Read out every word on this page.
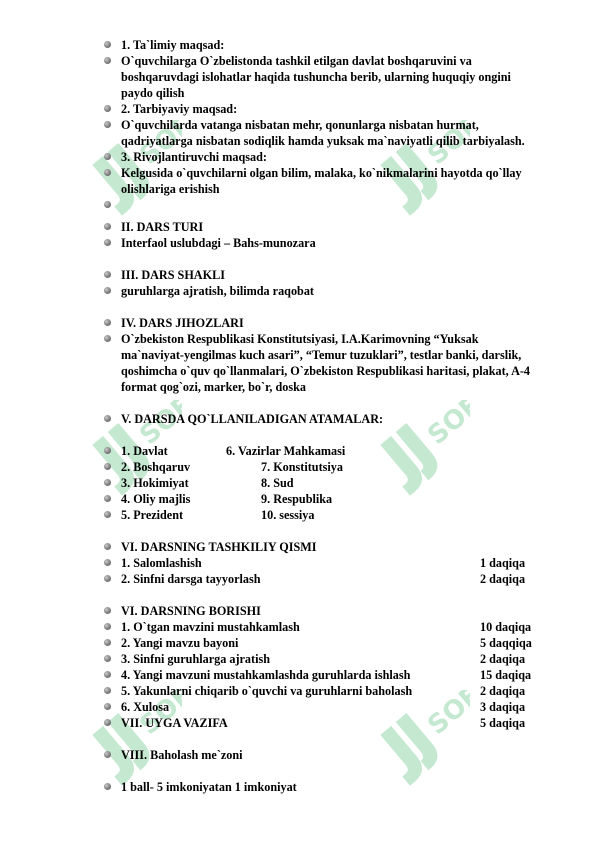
SOFT	SOFT
SOFT	SOFT
SOFT	SOFT
1. Ta`limiy maqsad:
O`quvchilarga O`zbelistonda tashkil etilgan davlat boshqaruvini va boshqaruvdagi islohatlar haqida tushuncha berib, ularning huquqiy ongini paydo qilish
2. Tarbiyaviy maqsad:
O`quvchilarda vatanga nisbatan mehr, qonunlarga nisbatan hurmat, qadriyatlarga nisbatan sodiqlik hamda yuksak ma`naviyatli qilib tarbiyalash.
3. Rivojlantiruvchi maqsad:
Kelgusida o`quvchilarni olgan bilim, malaka, ko`nikmalarini hayotda qo`llay olishlariga erishish
II. DARS TURI
Interfaol uslubdagi – Bahs-munozara
III. DARS SHAKLI
guruhlarga ajratish, bilimda raqobat
IV. DARS JIHOZLARI
O`zbekiston Respublikasi Konstitutsiyasi, I.A.Karimovning “Yuksak ma`naviyat-yengilmas kuch asari”, “Temur tuzuklari”, testlar banki, darslik, qoshimcha o`quv qo`llanmalari, O`zbekiston Respublikasi haritasi, plakat, A-4 format qog`ozi, marker, bo`r, doska
V. DARSDA QO`LLANILADIGAN ATAMALAR:
1. Davlat	6. Vazirlar Mahkamasi
2. Boshqaruv	7. Konstitutsiya
3. Hokimiyat	8. Sud
4. Oliy majlis	9. Respublika
5. Prezident	10. sessiya
VI. DARSNING TASHKILIY QISMI
1. Salomlashish	1 daqiqa
2. Sinfni darsga tayyorlash	2 daqiqa
VI. DARSNING BORISHI
1. O`tgan mavzini mustahkamlash	10 daqiqa
2. Yangi mavzu bayoni	5 daqqiqa
3. Sinfni guruhlarga ajratish	2 daqiqa
4. Yangi mavzuni mustahkamlashda guruhlarda ishlash	15 daqiqa
5. Yakunlarni chiqarib o`quvchi va guruhlarni baholash	2 daqiqa
6. Xulosa	3 daqiqa
VII. UYGA VAZIFA	5 daqiqa
VIII. Baholash me`zoni
1 ball- 5 imkoniyatan 1 imkoniyat
